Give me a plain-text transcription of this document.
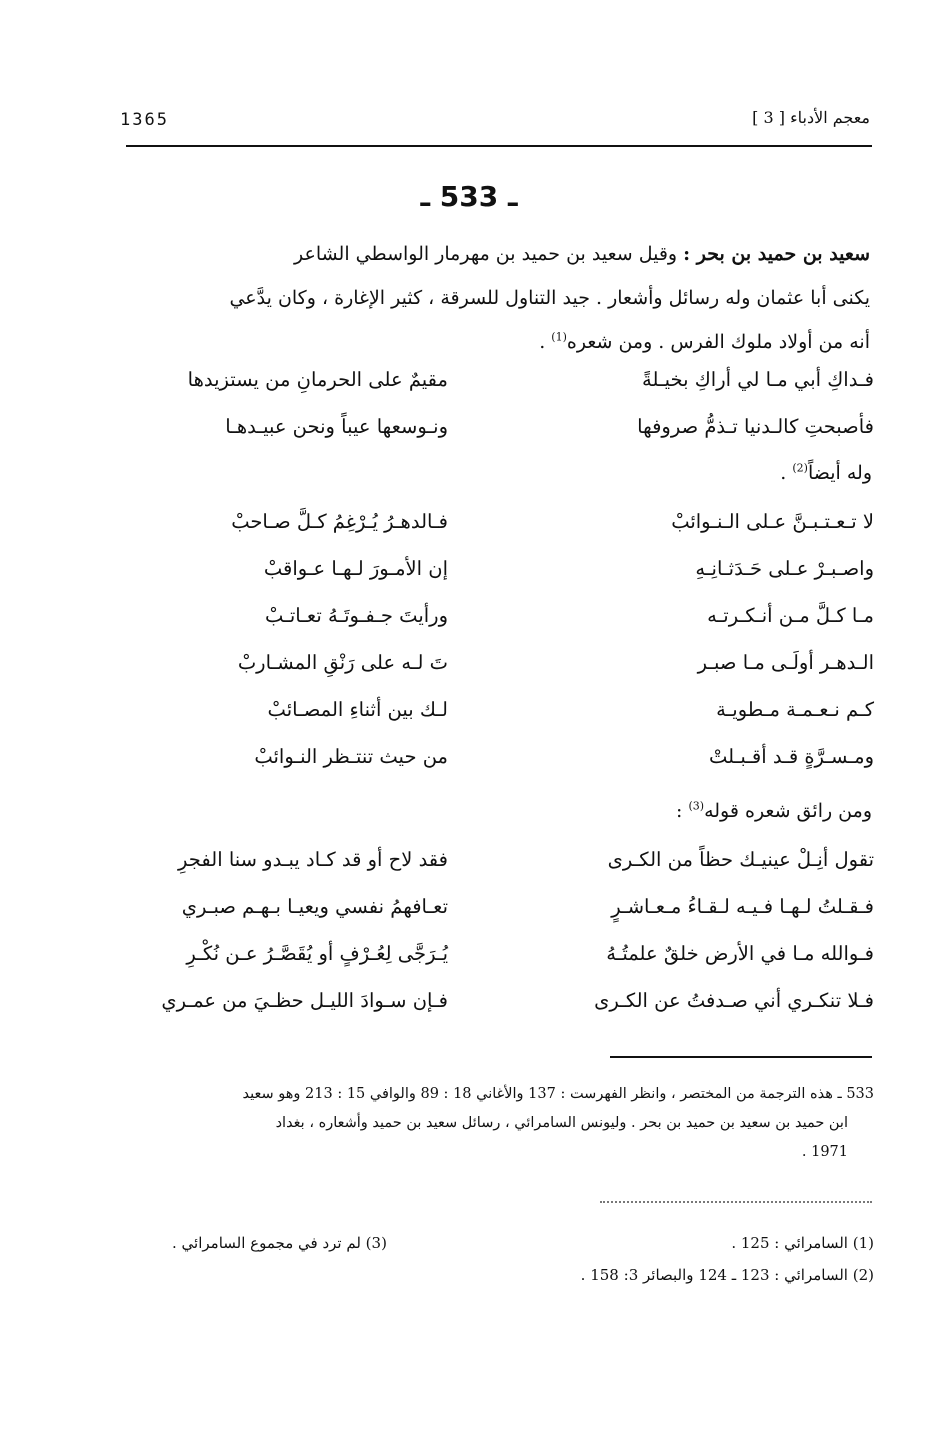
1365	معجم الأدباء [ 3 ]
ـ 533 ـ

سعيد بن حميد بن بحر : وقيل سعيد بن حميد بن مهرمار الواسطي الشاعر

يكنى أبا عثمان وله رسائل وأشعار . جيد التناول للسرقة ، كثير الإغارة ، وكان يدَّعي

أنه من أولاد ملوك الفرس . ومن شعره$^{(1)}$ .

فـداكِ أبي مـا لي أراكِ بخيـلةً
مقيمٌ على الحرمانِ من يستزيدها
فأصبحتِ كالـدنيا تـذمُّ صروفها
ونـوسعها عيباً ونحن عبيـدهـا
وله أيضاً$^{(2)}$ .
لا تـعـتـبـنَّ عـلى الـنـوائبْ
فـالدهـرُ يُـرْغِمُ كـلَّ صـاحبْ
واصـبـرْ عـلى حَـدَثـانِـهِ
إن الأمـورَ لـهـا عـواقبْ
مـا كـلَّ مـن أنـكـرتـه
ورأيتَ جـفـوتَـهُ تعـاتـبْ
الـدهـر أولَـى مـا صبـر
تَ لـه على رَنْقِ المشـاربْ
كـم نـعـمـة مـطويـة
لـك بين أثناءِ المصـائبْ
ومـسـرَّةٍ قـد أقـبـلتْ
من حيث تنتـظر النـوائبْ
ومن رائق شعره قوله$^{(3)}$ :
تقول أنِـلْ عينيـك حظاً من الكـرى
فقد لاح أو قد كـاد يبـدو سنا الفجرِ
فـقـلتُ لـهـا فـيـه لـقـاءُ مـعـاشـرٍ
تعـافهمُ نفسي ويعيـا بـهـم صبـري
فـوالله مـا في الأرض خلقٌ علمتُـهُ
يُـرَجَّى لِعُـرْفٍ أو يُقَصَّـرُ عـن نُكْـرِ
فـلا تنكـري أني صـدفتُ عن الكـرى
فـإن سـوادَ الليـل حظـيَ من عمـري
533 ـ هذه الترجمة من المختصر ، وانظر الفهرست : 137 والأغاني 18 : 89 والوافي 15 : 213 وهو سعيد
ابن حميد بن سعيد بن حميد بن بحر . وليونس السامرائي ، رسائل سعيد بن حميد وأشعاره ، بغداد
1971 .
(1) السامرائي : 125 .
(2) السامرائي : 123 ـ 124 والبصائر 3: 158 .
(3) لم ترد في مجموع السامرائي .
